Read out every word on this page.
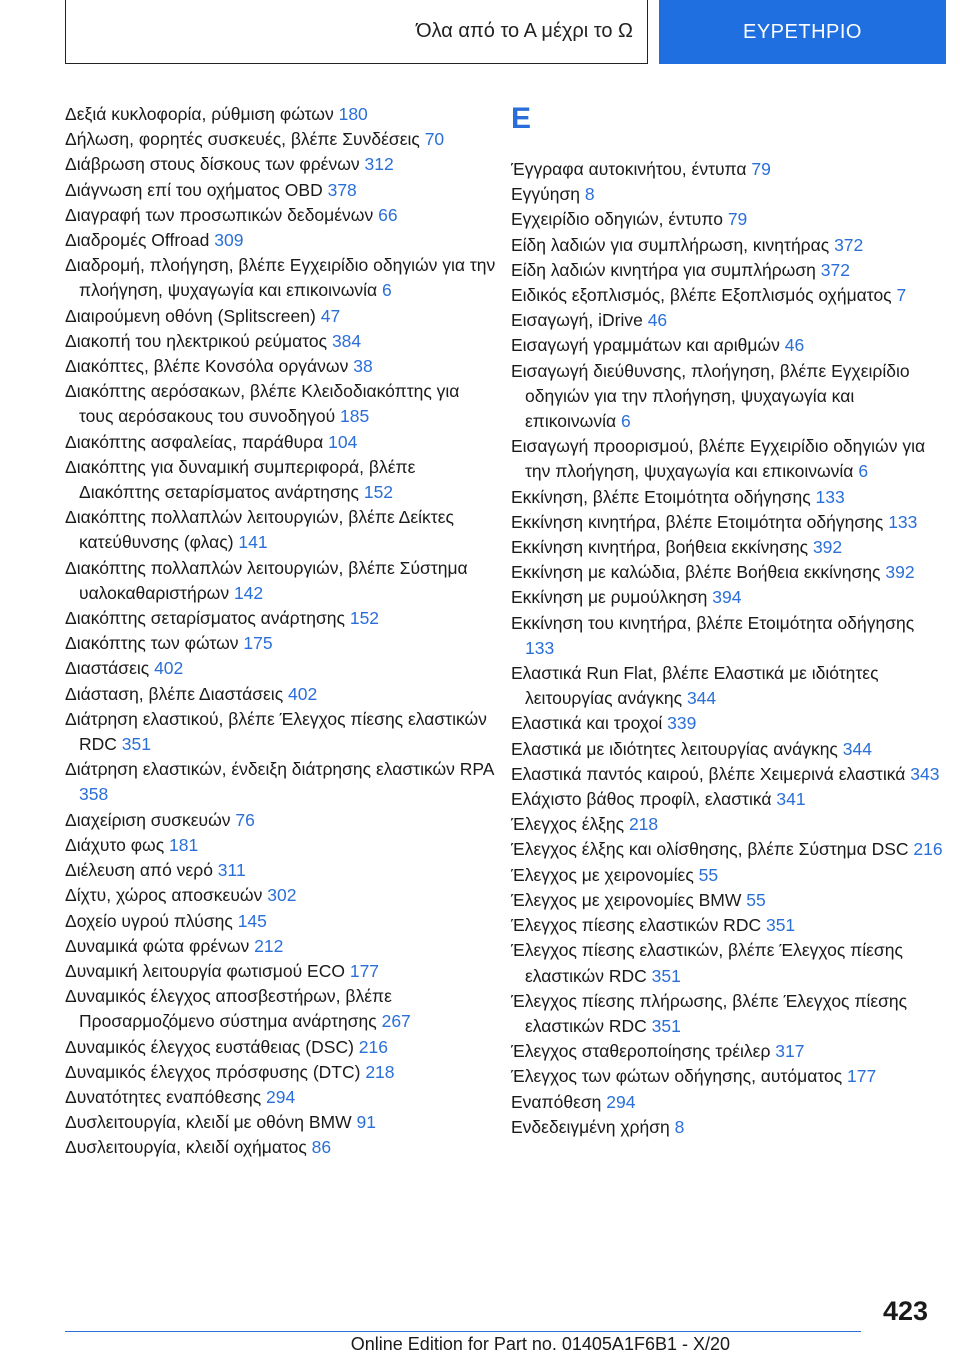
Όλα από το Α μέχρι το Ω	ΕΥΡΕΤΗΡΙΟ
Δεξιά κυκλοφορία, ρύθμιση φώτων 180
Δήλωση, φορητές συσκευές, βλέπε Συνδέσεις 70
Διάβρωση στους δίσκους των φρένων 312
Διάγνωση επί του οχήματος OBD 378
Διαγραφή των προσωπικών δεδομένων 66
Διαδρομές Offroad 309
Διαδρομή, πλοήγηση, βλέπε Εγχειρίδιο οδηγιών για την πλοήγηση, ψυχαγωγία και επικοινωνία 6
Διαιρούμενη οθόνη (Splitscreen) 47
Διακοπή του ηλεκτρικού ρεύματος 384
Διακόπτες, βλέπε Κονσόλα οργάνων 38
Διακόπτης αερόσακων, βλέπε Κλειδοδιακόπτης για τους αερόσακους του συνοδηγού 185
Διακόπτης ασφαλείας, παράθυρα 104
Διακόπτης για δυναμική συμπεριφορά, βλέπε Διακόπτης σεταρίσματος ανάρτησης 152
Διακόπτης πολλαπλών λειτουργιών, βλέπε Δείκτες κατεύθυνσης (φλας) 141
Διακόπτης πολλαπλών λειτουργιών, βλέπε Σύστημα υαλοκαθαριστήρων 142
Διακόπτης σεταρίσματος ανάρτησης 152
Διακόπτης των φώτων 175
Διαστάσεις 402
Διάσταση, βλέπε Διαστάσεις 402
Διάτρηση ελαστικού, βλέπε Έλεγχος πίεσης ελαστικών RDC 351
Διάτρηση ελαστικών, ένδειξη διάτρησης ελαστικών RPA 358
Διαχείριση συσκευών 76
Διάχυτο φως 181
Διέλευση από νερό 311
Δίχτυ, χώρος αποσκευών 302
Δοχείο υγρού πλύσης 145
Δυναμικά φώτα φρένων 212
Δυναμική λειτουργία φωτισμού ECO 177
Δυναμικός έλεγχος αποσβεστήρων, βλέπε Προσαρμοζόμενο σύστημα ανάρτησης 267
Δυναμικός έλεγχος ευστάθειας (DSC) 216
Δυναμικός έλεγχος πρόσφυσης (DTC) 218
Δυνατότητες εναπόθεσης 294
Δυσλειτουργία, κλειδί με οθόνη BMW 91
Δυσλειτουργία, κλειδί οχήματος 86
Ε
Έγγραφα αυτοκινήτου, έντυπα 79
Εγγύηση 8
Εγχειρίδιο οδηγιών, έντυπο 79
Είδη λαδιών για συμπλήρωση, κινητήρας 372
Είδη λαδιών κινητήρα για συμπλήρωση 372
Ειδικός εξοπλισμός, βλέπε Εξοπλισμός οχήματος 7
Εισαγωγή, iDrive 46
Εισαγωγή γραμμάτων και αριθμών 46
Εισαγωγή διεύθυνσης, πλοήγηση, βλέπε Εγχειρίδιο οδηγιών για την πλοήγηση, ψυχαγωγία και επικοινωνία 6
Εισαγωγή προορισμού, βλέπε Εγχειρίδιο οδηγιών για την πλοήγηση, ψυχαγωγία και επικοινωνία 6
Εκκίνηση, βλέπε Ετοιμότητα οδήγησης 133
Εκκίνηση κινητήρα, βλέπε Ετοιμότητα οδήγησης 133
Εκκίνηση κινητήρα, βοήθεια εκκίνησης 392
Εκκίνηση με καλώδια, βλέπε Βοήθεια εκκίνησης 392
Εκκίνηση με ρυμούλκηση 394
Εκκίνηση του κινητήρα, βλέπε Ετοιμότητα οδήγησης 133
Ελαστικά Run Flat, βλέπε Ελαστικά με ιδιότητες λειτουργίας ανάγκης 344
Ελαστικά και τροχοί 339
Ελαστικά με ιδιότητες λειτουργίας ανάγκης 344
Ελαστικά παντός καιρού, βλέπε Χειμερινά ελαστικά 343
Ελάχιστο βάθος προφίλ, ελαστικά 341
Έλεγχος έλξης 218
Έλεγχος έλξης και ολίσθησης, βλέπε Σύστημα DSC 216
Έλεγχος με χειρονομίες 55
Έλεγχος με χειρονομίες BMW 55
Έλεγχος πίεσης ελαστικών RDC 351
Έλεγχος πίεσης ελαστικών, βλέπε Έλεγχος πίεσης ελαστικών RDC 351
Έλεγχος πίεσης πλήρωσης, βλέπε Έλεγχος πίεσης ελαστικών RDC 351
Έλεγχος σταθεροποίησης τρέιλερ 317
Έλεγχος των φώτων οδήγησης, αυτόματος 177
Εναπόθεση 294
Ενδεδειγμένη χρήση 8
423
Online Edition for Part no. 01405A1F6B1 - X/20
